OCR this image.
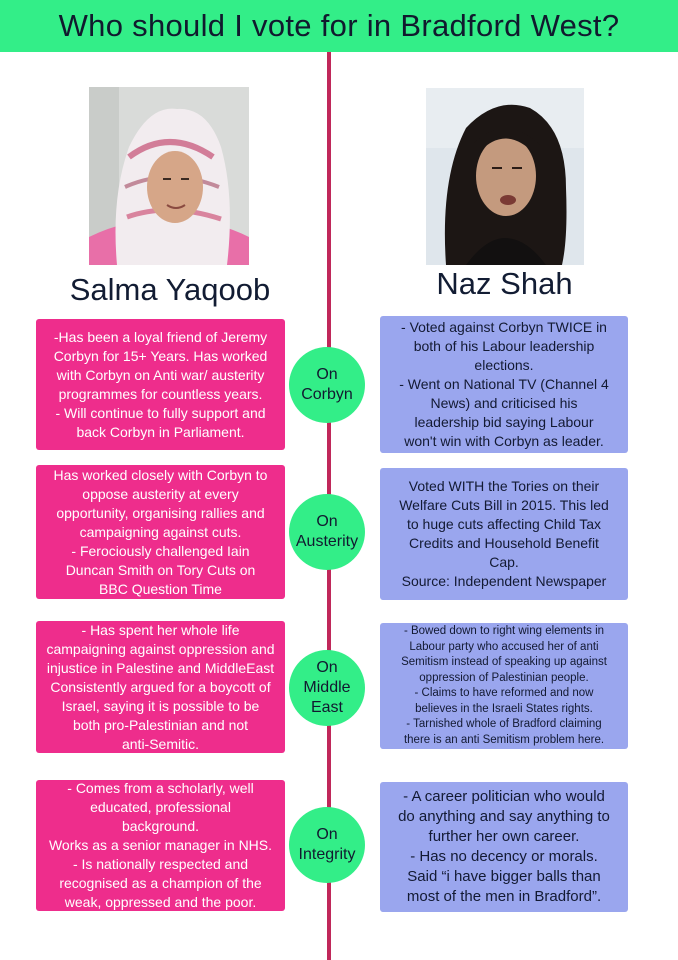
Who should I vote for in Bradford West?
Salma Yaqoob	Naz Shah

-Has been a loyal friend of Jeremy
Corbyn for 15+ Years. Has worked
with Corbyn on Anti war/ austerity
programmes for countless years.
- Will continue to fully support and
back Corbyn in Parliament.

On
Corbyn

- Voted against Corbyn TWICE in
both of his Labour leadership
elections.
- Went on National TV (Channel 4
News) and criticised his
leadership bid saying Labour
won't win with Corbyn as leader.

Has worked closely with Corbyn to
oppose austerity at every
opportunity, organising rallies and
campaigning against cuts.
- Ferociously challenged Iain
Duncan Smith on Tory Cuts on
BBC Question Time

On
Austerity

Voted WITH the Tories on their
Welfare Cuts Bill in 2015. This led
to huge cuts affecting Child Tax
Credits and Household Benefit
Cap.
Source: Independent Newspaper

- Has spent her whole life
campaigning against oppression and
injustice in Palestine and MiddleEast
Consistently argued for a boycott of
Israel, saying it is possible to be
both pro-Palestinian and not
anti-Semitic.

On
Middle
East

- Bowed down to right wing elements in
Labour party who accused her of anti
Semitism instead of speaking up against
oppression of Palestinian people.
- Claims to have reformed and now
believes in the Israeli States rights.
- Tarnished whole of Bradford claiming
there is an anti Semitism problem here.

- Comes from a scholarly, well
educated, professional
background.
Works as a senior manager in NHS.
- Is nationally respected and
recognised as a champion of the
weak, oppressed and the poor.

On
Integrity

- A career politician who would
do anything and say anything to
further her own career.
- Has no decency or morals.
Said “i have bigger balls than
most of the men in Bradford”.
